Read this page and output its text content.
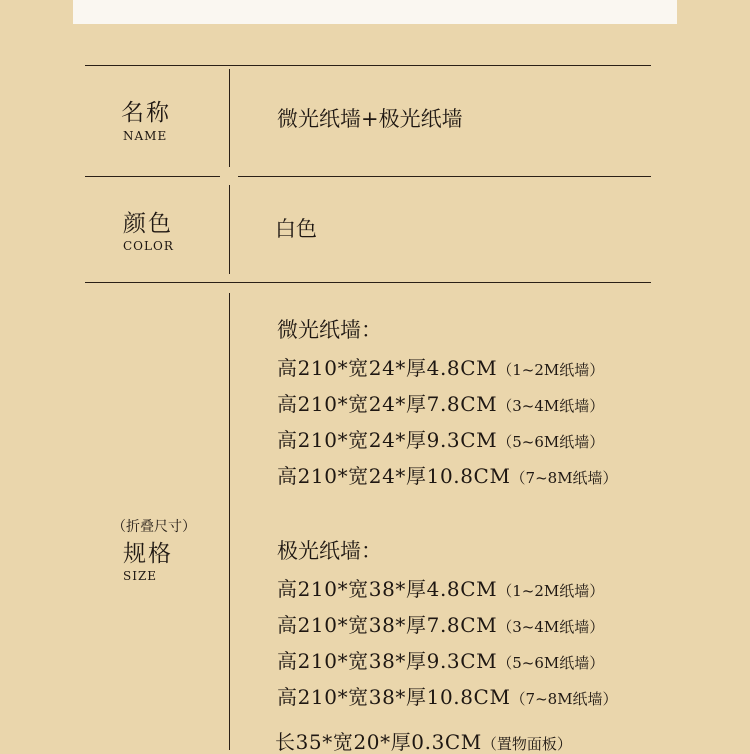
名称
NAME
微光纸墙+极光纸墙
颜色
COLOR
白色
（折叠尺寸）
规格
SIZE
微光纸墙：
高210*宽24*厚4.8CM（1~2M纸墙）
高210*宽24*厚7.8CM（3~4M纸墙）
高210*宽24*厚9.3CM（5~6M纸墙）
高210*宽24*厚10.8CM（7~8M纸墙）
极光纸墙：
高210*宽38*厚4.8CM（1~2M纸墙）
高210*宽38*厚7.8CM（3~4M纸墙）
高210*宽38*厚9.3CM（5~6M纸墙）
高210*宽38*厚10.8CM（7~8M纸墙）
长35*宽20*厚0.3CM（置物面板）
